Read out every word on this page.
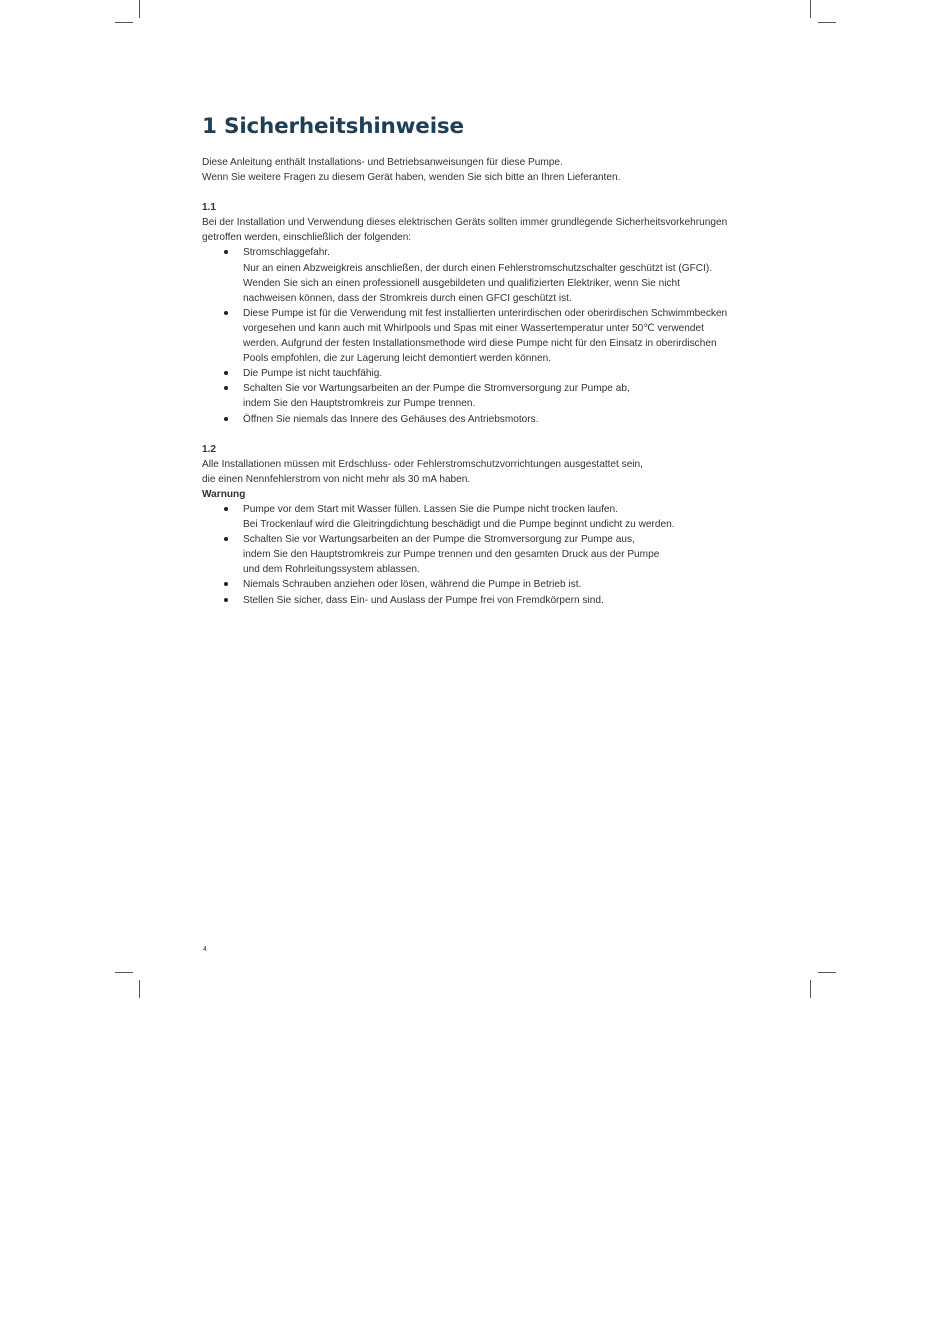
1 Sicherheitshinweise

Diese Anleitung enthält Installations- und Betriebsanweisungen für diese Pumpe.

Wenn Sie weitere Fragen zu diesem Gerät haben, wenden Sie sich bitte an Ihren Lieferanten.

1.1

Bei der Installation und Verwendung dieses elektrischen Geräts sollten immer grundlegende Sicherheitsvorkehrungen

getroffen werden, einschließlich der folgenden:

Stromschlaggefahr.
Nur an einen Abzweigkreis anschließen, der durch einen Fehlerstromschutzschalter geschützt ist (GFCI).
Wenden Sie sich an einen professionell ausgebildeten und qualifizierten Elektriker, wenn Sie nicht
nachweisen können, dass der Stromkreis durch einen GFCI geschützt ist.
Diese Pumpe ist für die Verwendung mit fest installierten unterirdischen oder oberirdischen Schwimmbecken
vorgesehen und kann auch mit Whirlpools und Spas mit einer Wassertemperatur unter 50℃ verwendet
werden. Aufgrund der festen Installationsmethode wird diese Pumpe nicht für den Einsatz in oberirdischen
Pools empfohlen, die zur Lagerung leicht demontiert werden können.
Die Pumpe ist nicht tauchfähig.
Schalten Sie vor Wartungsarbeiten an der Pumpe die Stromversorgung zur Pumpe ab,
indem Sie den Hauptstromkreis zur Pumpe trennen.
Öffnen Sie niemals das Innere des Gehäuses des Antriebsmotors.

1.2

Alle Installationen müssen mit Erdschluss- oder Fehlerstromschutzvorrichtungen ausgestattet sein,

die einen Nennfehlerstrom von nicht mehr als 30 mA haben.

Warnung

Pumpe vor dem Start mit Wasser füllen. Lassen Sie die Pumpe nicht trocken laufen.
Bei Trockenlauf wird die Gleitringdichtung beschädigt und die Pumpe beginnt undicht zu werden.
Schalten Sie vor Wartungsarbeiten an der Pumpe die Stromversorgung zur Pumpe aus,
indem Sie den Hauptstromkreis zur Pumpe trennen und den gesamten Druck aus der Pumpe
und dem Rohrleitungssystem ablassen.
Niemals Schrauben anziehen oder lösen, während die Pumpe in Betrieb ist.
Stellen Sie sicher, dass Ein- und Auslass der Pumpe frei von Fremdkörpern sind.
4
